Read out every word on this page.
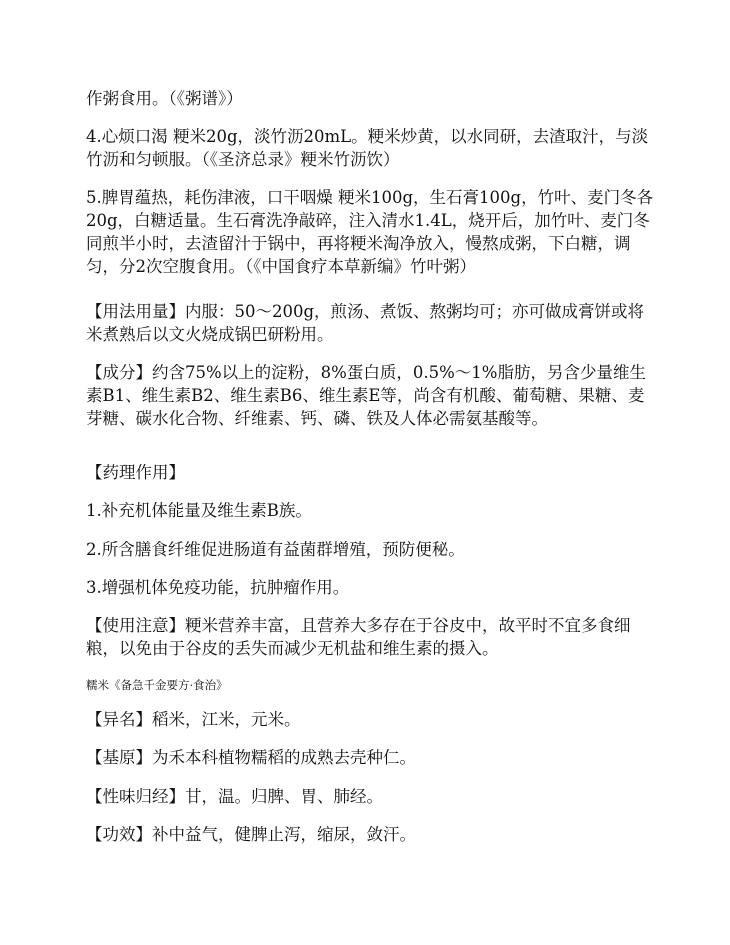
作粥食用。（《粥谱》）

4.心烦口渴 粳米20g，淡竹沥20mL。粳米炒黄，以水同研，去渣取汁，与淡竹沥和匀顿服。（《圣济总录》粳米竹沥饮）

5.脾胃蕴热，耗伤津液，口干咽燥 粳米100g，生石膏100g，竹叶、麦门冬各20g，白糖适量。生石膏洗净敲碎，注入清水1.4L，烧开后，加竹叶、麦门冬同煎半小时，去渣留汁于锅中，再将粳米淘净放入，慢熬成粥，下白糖，调匀，分2次空腹食用。（《中国食疗本草新编》竹叶粥）

【用法用量】内服：50～200g，煎汤、煮饭、熬粥均可；亦可做成膏饼或将米煮熟后以文火烧成锅巴研粉用。

【成分】约含75%以上的淀粉，8%蛋白质，0.5%～1%脂肪，另含少量维生素B1、维生素B2、维生素B6、维生素E等，尚含有机酸、葡萄糖、果糖、麦芽糖、碳水化合物、纤维素、钙、磷、铁及人体必需氨基酸等。

【药理作用】

1.补充机体能量及维生素B族。

2.所含膳食纤维促进肠道有益菌群增殖，预防便秘。

3.增强机体免疫功能，抗肿瘤作用。

【使用注意】粳米营养丰富，且营养大多存在于谷皮中，故平时不宜多食细粮，以免由于谷皮的丢失而减少无机盐和维生素的摄入。

糯米《备急千金要方·食治》

【异名】稻米，江米，元米。

【基原】为禾本科植物糯稻的成熟去壳种仁。

【性味归经】甘，温。归脾、胃、肺经。

【功效】补中益气，健脾止泻，缩尿，敛汗。
